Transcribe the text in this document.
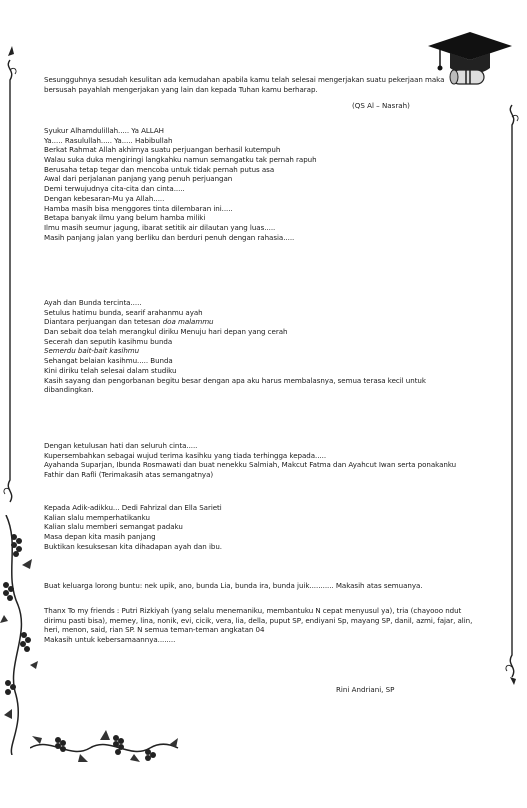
Sesungguhnya sesudah kesulitan ada kemudahan apabila kamu telah selesai mengerjakan suatu pekerjaan maka
bersusah payahlah mengerjakan yang lain dan kepada Tuhan kamu berharap.
(QS Al – Nasrah)
Syukur Alhamdulillah..... Ya ALLAH
Ya..... Rasulullah..... Ya..... Habibullah
Berkat Rahmat Allah akhirnya suatu perjuangan berhasil kutempuh
Walau suka duka mengiringi langkahku namun semangatku tak pernah rapuh
Berusaha tetap tegar dan mencoba untuk tidak pernah putus asa
Awal dari perjalanan panjang yang penuh perjuangan
Demi terwujudnya cita-cita dan cinta.....
Dengan kebesaran-Mu ya Allah.....
Hamba masih bisa menggores tinta dilembaran ini.....
Betapa banyak ilmu yang belum hamba miliki
Ilmu masih seumur jagung, ibarat setitik air dilautan yang luas.....
Masih panjang jalan yang berliku dan berduri penuh dengan rahasia.....
Ayah dan Bunda tercinta.....
Setulus hatimu bunda, searif arahanmu ayah
Diantara perjuangan dan tetesan doa malammu
Dan sebait doa telah merangkul diriku Menuju hari depan yang cerah
Secerah dan seputih kasihmu bunda
Semerdu bait-bait kasihmu
Sehangat belaian kasihmu..... Bunda
Kini diriku telah selesai dalam studiku
Kasih sayang dan pengorbanan begitu besar dengan apa aku harus membalasnya, semua terasa kecil untuk
dibandingkan.
Dengan ketulusan hati dan seluruh cinta.....
Kupersembahkan sebagai wujud terima kasihku yang tiada terhingga kepada.....
Ayahanda Suparjan, Ibunda Rosmawati dan buat nenekku Salmiah, Makcut Fatma dan Ayahcut Iwan serta ponakanku
Fathir dan Rafli (Terimakasih atas semangatnya)
Kepada Adik-adikku... Dedi Fahrizal dan Ella Sarieti
Kalian slalu memperhatikanku
Kalian slalu memberi semangat padaku
Masa depan kita masih panjang
Buktikan kesuksesan kita dihadapan ayah dan ibu.
Buat keluarga lorong buntu: nek upik, ano, bunda Lia, bunda ira, bunda juik........... Makasih atas semuanya.
Thanx To my friends : Putri Rizkiyah (yang selalu menemaniku, membantuku N cepat menyusul ya), tria (chayooo ndut
dirimu pasti bisa), memey, lina, nonik, evi, cicik, vera, lia, della, puput SP, endiyani Sp, mayang SP, danil, azmi, fajar, alin,
heri, menon, said, rian SP. N semua teman-teman angkatan 04
Makasih untuk kebersamaannya........
Rini Andriani, SP
